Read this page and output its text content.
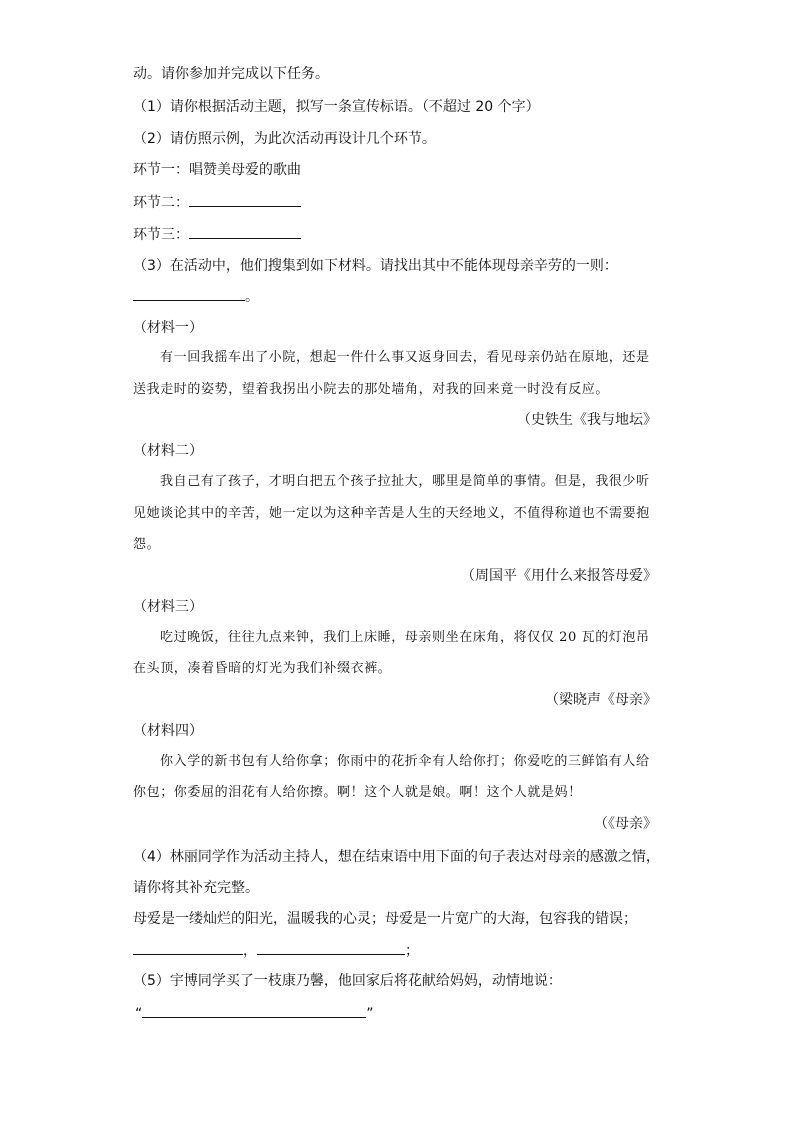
动。请你参加并完成以下任务。
（1）请你根据活动主题，拟写一条宣传标语。（不超过 20 个字）
（2）请仿照示例，为此次活动再设计几个环节。
环节一：唱赞美母爱的歌曲
环节二：
环节三：
（3）在活动中，他们搜集到如下材料。请找出其中不能体现母亲辛劳的一则：
。
（材料一）
有一回我摇车出了小院，想起一件什么事又返身回去，看见母亲仍站在原地，还是
送我走时的姿势，望着我拐出小院去的那处墙角，对我的回来竟一时没有反应。
（史铁生《我与地坛》
（材料二）
我自己有了孩子，才明白把五个孩子拉扯大，哪里是简单的事情。但是，我很少听
见她谈论其中的辛苦，她一定以为这种辛苦是人生的天经地义，不值得称道也不需要抱
怨。
（周国平《用什么来报答母爱》
（材料三）
吃过晚饭，往往九点来钟，我们上床睡，母亲则坐在床角，将仅仅 20 瓦的灯泡吊
在头顶，凑着昏暗的灯光为我们补缀衣裤。
（梁晓声《母亲》
（材料四）
你入学的新书包有人给你拿；你雨中的花折伞有人给你打；你爱吃的三鲜馅有人给
你包；你委屈的泪花有人给你擦。啊！这个人就是娘。啊！这个人就是妈！
（《母亲》
（4）林丽同学作为活动主持人，想在结束语中用下面的句子表达对母亲的感激之情，
请你将其补充完整。
母爱是一缕灿烂的阳光，温暖我的心灵；母爱是一片宽广的大海，包容我的错误；
，	；
（5）宇博同学买了一枝康乃馨，他回家后将花献给妈妈，动情地说：
“	”
